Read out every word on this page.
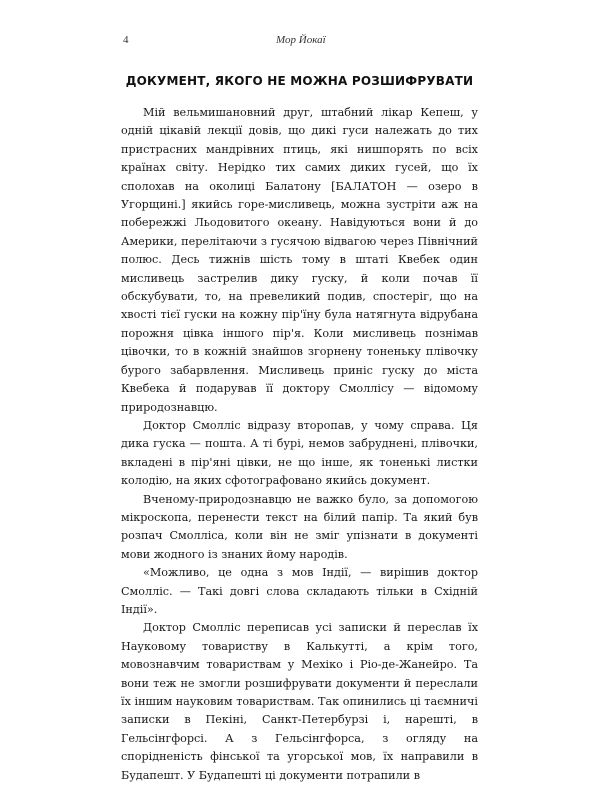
4	Мор Йокаї
ДОКУМЕНТ, ЯКОГО НЕ МОЖНА РОЗШИФРУВАТИ

Мій вельмишановний друг, штабний лікар Кепеш, у одній цікавій лекції довів, що дикі гуси належать до тих пристрасних мандрівних птиць, які нишпорять по всіх країнах світу. Нерідко тих самих диких гусей, що їх сполохав на околиці Балатону [БАЛАТОН — озеро в Угорщині.] якийсь горе-мисливець, можна зустріти аж на побережжі Льодовитого океану. Навідуються вони й до Америки, перелітаючи з гусячою відвагою через Північний полюс. Десь тижнів шість тому в штаті Квебек один мисливець застрелив дику гуску, й коли почав її обскубувати, то, на превеликий подив, спостеріг, що на хвості тієї гуски на кожну пір'їну була натягнута відрубана порожня цівка іншого пір'я. Коли мисливець познімав цівочки, то в кожній знайшов згорнену тоненьку плівочку бурого забарвлення. Мисливець приніс гуску до міста Квебека й подарував її доктору Смоллісу — відомому природознавцю.

Доктор Смолліс відразу второпав, у чому справа. Ця дика гуска — пошта. А ті бурі, немов забруднені, плівочки, вкладені в пір'яні цівки, не що інше, як тоненькі листки колодію, на яких сфотографовано якийсь документ.

Вченому-природознавцю не важко було, за допомогою мікроскопа, перенести текст на білий папір. Та який був розпач Смолліса, коли він не зміг упізнати в документі мови жодного із знаних йому народів.

«Можливо, це одна з мов Індії, — вирішив доктор Смолліс. — Такі довгі слова складають тільки в Східній Індії».

Доктор Смолліс переписав усі записки й переслав їх Науковому товариству в Калькутті, а крім того, мовознавчим товариствам у Мехіко і Ріо-де-Жанейро. Та вони теж не змогли розшифрувати документи й переслали їх іншим науковим товариствам. Так опинились ці таємничі записки в Пекіні, Санкт-Петербурзі і, нарешті, в Гельсінгфорсі. А з Гельсінгфорса, з огляду на спорідненість фінської та угорської мов, їх направили в Будапешт. У Будапешті ці документи потрапили в
